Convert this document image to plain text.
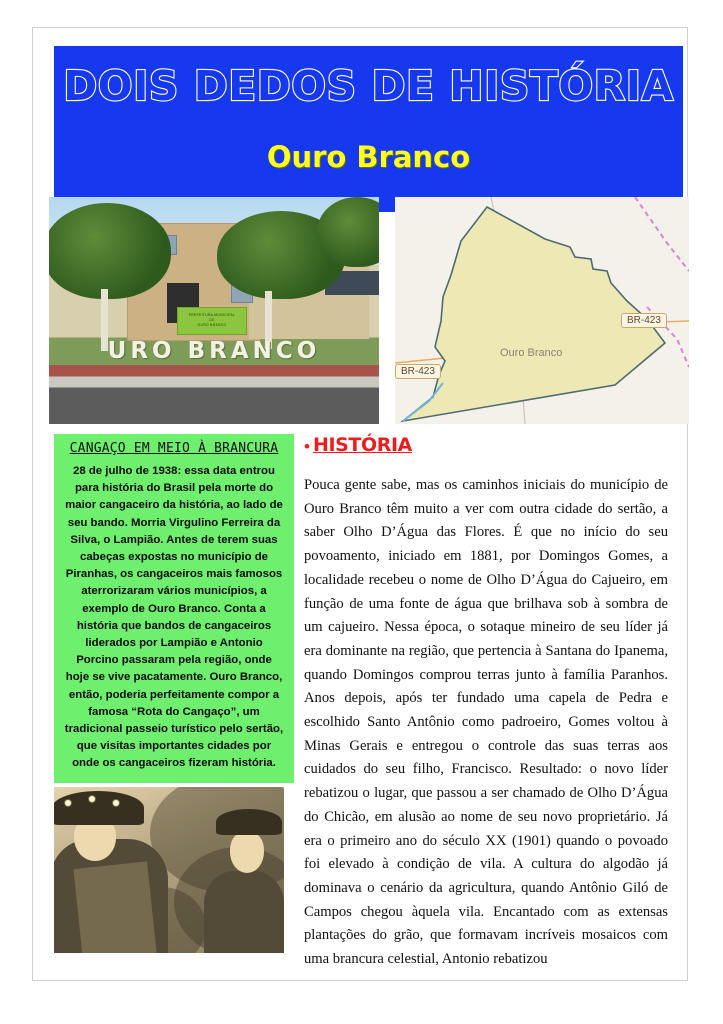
DOIS DEDOS DE HISTÓRIA
Ouro Branco
PREFEITURA MUNICIPAL
DE
OURO BRANCO
URO BRANCO	Ouro Branco
BR-423
BR-423
CANGAÇO EM MEIO À BRANCURA
28 de julho de 1938: essa data entrou para história do Brasil pela morte do maior cangaceiro da história, ao lado de seu bando. Morria Virgulino Ferreira da Silva, o Lampião. Antes de terem suas cabeças expostas no município de Piranhas, os cangaceiros mais famosos aterrorizaram vários municípios, a exemplo de Ouro Branco. Conta a história que bandos de cangaceiros liderados por Lampião e Antonio Porcino passaram pela região, onde hoje se vive pacatamente. Ouro Branco, então, poderia perfeitamente compor a famosa “Rota do Cangaço”, um tradicional passeio turístico pelo sertão, que visitas importantes cidades por onde os cangaceiros fizeram história.
• HISTÓRIA
Pouca gente sabe, mas os caminhos iniciais do município de Ouro Branco têm muito a ver com outra cidade do sertão, a saber Olho D’Água das Flores. É que no início do seu povoamento, iniciado em 1881, por Domingos Gomes, a localidade recebeu o nome de Olho D’Água do Cajueiro, em função de uma fonte de água que brilhava sob à sombra de um cajueiro. Nessa época, o sotaque mineiro de seu líder já era dominante na região, que pertencia à Santana do Ipanema, quando Domingos comprou terras junto à família Paranhos. Anos depois, após ter fundado uma capela de Pedra e escolhido Santo Antônio como padroeiro, Gomes voltou à Minas Gerais e entregou o controle das suas terras aos cuidados do seu filho, Francisco. Resultado: o novo líder rebatizou o lugar, que passou a ser chamado de Olho D’Água do Chicão, em alusão ao nome de seu novo proprietário. Já era o primeiro ano do século XX (1901) quando o povoado foi elevado à condição de vila. A cultura do algodão já dominava o cenário da agricultura, quando Antônio Giló de Campos chegou àquela vila. Encantado com as extensas plantações do grão, que formavam incríveis mosaicos com uma brancura celestial, Antonio rebatizou
